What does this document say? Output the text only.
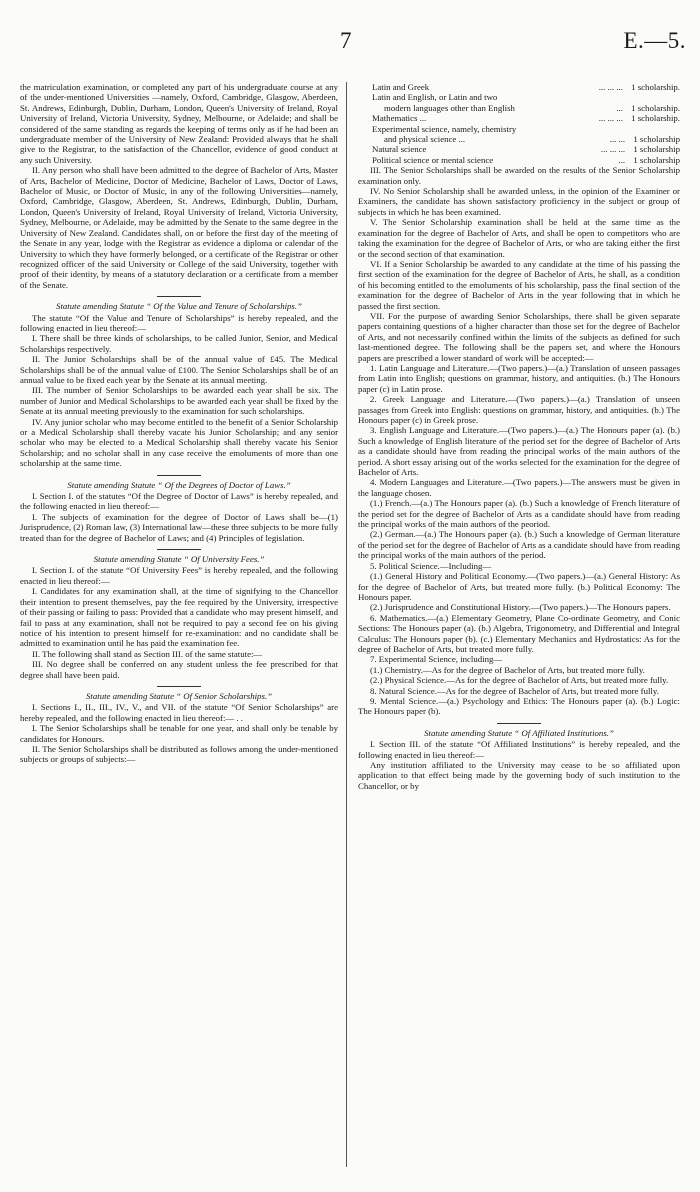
7	E.—5.

the matriculation examination, or completed any part of his undergraduate course at any of the under-mentioned Universities —namely, Oxford, Cambridge, Glasgow, Aberdeen, St. Andrews, Edinburgh, Dublin, Durham, London, Queen's University of Ireland, Royal University of Ireland, Victoria University, Sydney, Melbourne, or Adelaide; and shall be considered of the same standing as regards the keeping of terms only as if he had been an undergraduate member of the University of New Zealand: Provided always that he shall give to the Registrar, to the satisfaction of the Chancellor, evidence of good conduct at any such University.

II. Any person who shall have been admitted to the degree of Bachelor of Arts, Master of Arts, Bachelor of Medicine, Doctor of Medicine, Bachelor of Laws, Doctor of Laws, Bachelor of Music, or Doctor of Music, in any of the following Universities—namely, Oxford, Cambridge, Glasgow, Aberdeen, St. Andrews, Edinburgh, Dublin, Durham, London, Queen's University of Ireland, Royal University of Ireland, Victoria University, Sydney, Melbourne, or Adelaide, may be admitted by the Senate to the same degree in the University of New Zealand. Candidates shall, on or before the first day of the meeting of the Senate in any year, lodge with the Registrar as evidence a diploma or calendar of the University to which they have formerly belonged, or a certificate of the Registrar or other recognized officer of the said University or College of the said University, together with proof of their identity, by means of a statutory declaration or a certificate from a member of the Senate.

Statute amending Statute “ Of the Value and Tenure of Scholarships.”

The statute “Of the Value and Tenure of Scholarships” is hereby repealed, and the following enacted in lieu thereof:—

I. There shall be three kinds of scholarships, to be called Junior, Senior, and Medical Scholarships respectively.

II. The Junior Scholarships shall be of the annual value of £45. The Medical Scholarships shall be of the annual value of £100. The Senior Scholarships shall be of an annual value to be fixed each year by the Senate at its annual meeting.

III. The number of Senior Scholarships to be awarded each year shall be six. The number of Junior and Medical Scholarships to be awarded each year shall be fixed by the Senate at its annual meeting previously to the examination for such scholarships.

IV. Any junior scholar who may become entitled to the benefit of a Senior Scholarship or a Medical Scholarship shall thereby vacate his Junior Scholarship; and any senior scholar who may be elected to a Medical Scholarship shall thereby vacate his Senior Scholarship; and no scholar shall in any case receive the emoluments of more than one scholarship at the same time.

Statute amending Statute “ Of the Degrees of Doctor of Laws.”

I. Section I. of the statutes “Of the Degree of Doctor of Laws” is hereby repealed, and the following enacted in lieu thereof:—

I. The subjects of examination for the degree of Doctor of Laws shall be—(1) Jurisprudence, (2) Roman law, (3) International law—these three subjects to be more fully treated than for the degree of Bachelor of Laws; and (4) Principles of legislation.

Statute amending Statute “ Of University Fees.”

I. Section I. of the statute “Of University Fees” is hereby repealed, and the following enacted in lieu thereof:—

I. Candidates for any examination shall, at the time of signifying to the Chancellor their intention to present themselves, pay the fee required by the University, irrespective of their passing or failing to pass: Provided that a candidate who may present himself, and fail to pass at any examination, shall not be required to pay a second fee on his giving notice of his intention to present himself for re-examination: and no candidate shall be admitted to examination until he has paid the examination fee.

II. The following shall stand as Section III. of the same statute:—

III. No degree shall be conferred on any student unless the fee prescribed for that degree shall have been paid.

Statute amending Statute “ Of Senior Scholarships.”

I. Sections I., II., III., IV., V., and VII. of the statute “Of Senior Scholarships” are hereby repealed, and the following enacted in lieu thereof:— . .

I. The Senior Scholarships shall be tenable for one year, and shall only be tenable by candidates for Honours.

II. The Senior Scholarships shall be distributed as follows among the under-mentioned subjects or groups of subjects:—

Latin and Greek	... ... ... 1 scholarship.
Latin and English, or Latin and two
modern languages other than English	... 1 scholarship.
Mathematics ...	... ... ... 1 scholarship.
Experimental science, namely, chemistry
and physical science ...	... ... 1 scholarship
Natural science	... ... ... 1 scholarship
Political science or mental science	... 1 scholarship

III. The Senior Scholarships shall be awarded on the results of the Senior Scholarship examination only.

IV. No Senior Scholarship shall be awarded unless, in the opinion of the Examiner or Examiners, the candidate has shown satisfactory proficiency in the subject or group of subjects in which he has been examined.

V. The Senior Scholarship examination shall be held at the same time as the examination for the degree of Bachelor of Arts, and shall be open to competitors who are taking the examination for the degree of Bachelor of Arts, or who are taking either the first or the second section of that examination.

VI. If a Senior Scholarship be awarded to any candidate at the time of his passing the first section of the examination for the degree of Bachelor of Arts, he shall, as a condition of his becoming entitled to the emoluments of his scholarship, pass the final section of the examination for the degree of Bachelor of Arts in the year following that in which he passed the first section.

VII. For the purpose of awarding Senior Scholarships, there shall be given separate papers containing questions of a higher character than those set for the degree of Bachelor of Arts, and not necessarily confined within the limits of the subjects as defined for such last-mentioned degree. The following shall be the papers set, and where the Honours papers are prescribed a lower standard of work will be accepted:—

1. Latin Language and Literature.—(Two papers.)—(a.) Translation of unseen passages from Latin into English; questions on grammar, history, and antiquities. (b.) The Honours paper (c) in Latin prose.

2. Greek Language and Literature.—(Two papers.)—(a.) Translation of unseen passages from Greek into English: questions on grammar, history, and antiquities. (b.) The Honours paper (c) in Greek prose.

3. English Language and Literature.—(Two papers.)—(a.) The Honours paper (a). (b.) Such a knowledge of English literature of the period set for the degree of Bachelor of Arts as a candidate should have from reading the principal works of the main authors of the period. A short essay arising out of the works selected for the examination for the degree of Bachelor of Arts.

4. Modern Languages and Literature.—(Two papers.)—The answers must be given in the language chosen.

(1.) French.—(a.) The Honours paper (a). (b.) Such a knowledge of French literature of the period set for the degree of Bachelor of Arts as a candidate should have from reading the principal works of the main authors of the peoriod.

(2.) German.—(a.) The Honours paper (a). (b.) Such a knowledge of German literature of the period set for the degree of Bachelor of Arts as a candidate should have from reading the principal works of the main authors of the period.

5. Political Science.—Including—

(1.) General History and Political Economy.—(Two papers.)—(a.) General History: As for the degree of Bachelor of Arts, but treated more fully. (b.) Political Economy: The Honours paper.

(2.) Jurisprudence and Constitutional History.—(Two papers.)—The Honours papers.

6. Mathematics.—(a.) Elementary Geometry, Plane Co-ordinate Geometry, and Conic Sections: The Honours paper (a). (b.) Algebra, Trigonometry, and Differential and Integral Calculus: The Honours paper (b). (c.) Elementary Mechanics and Hydrostatics: As for the degree of Bachelor of Arts, but treated more fully.

7. Experimental Science, including—

(1.) Chemistry.—As for the degree of Bachelor of Arts, but treated more fully.

(2.) Physical Science.—As for the degree of Bachelor of Arts, but treated more fully.

8. Natural Science.—As for the degree of Bachelor of Arts, but treated more fully.

9. Mental Science.—(a.) Psychology and Ethics: The Honours paper (a). (b.) Logic: The Honours paper (b).

Statute amending Statute “ Of Affiliated Institutions.”

I. Section III. of the statute “Of Affiliated Institutions” is hereby repealed, and the following enacted in lieu thereof:—

Any institution affiliated to the University may cease to be so affiliated upon application to that effect being made by the governing body of such institution to the Chancellor, or by
